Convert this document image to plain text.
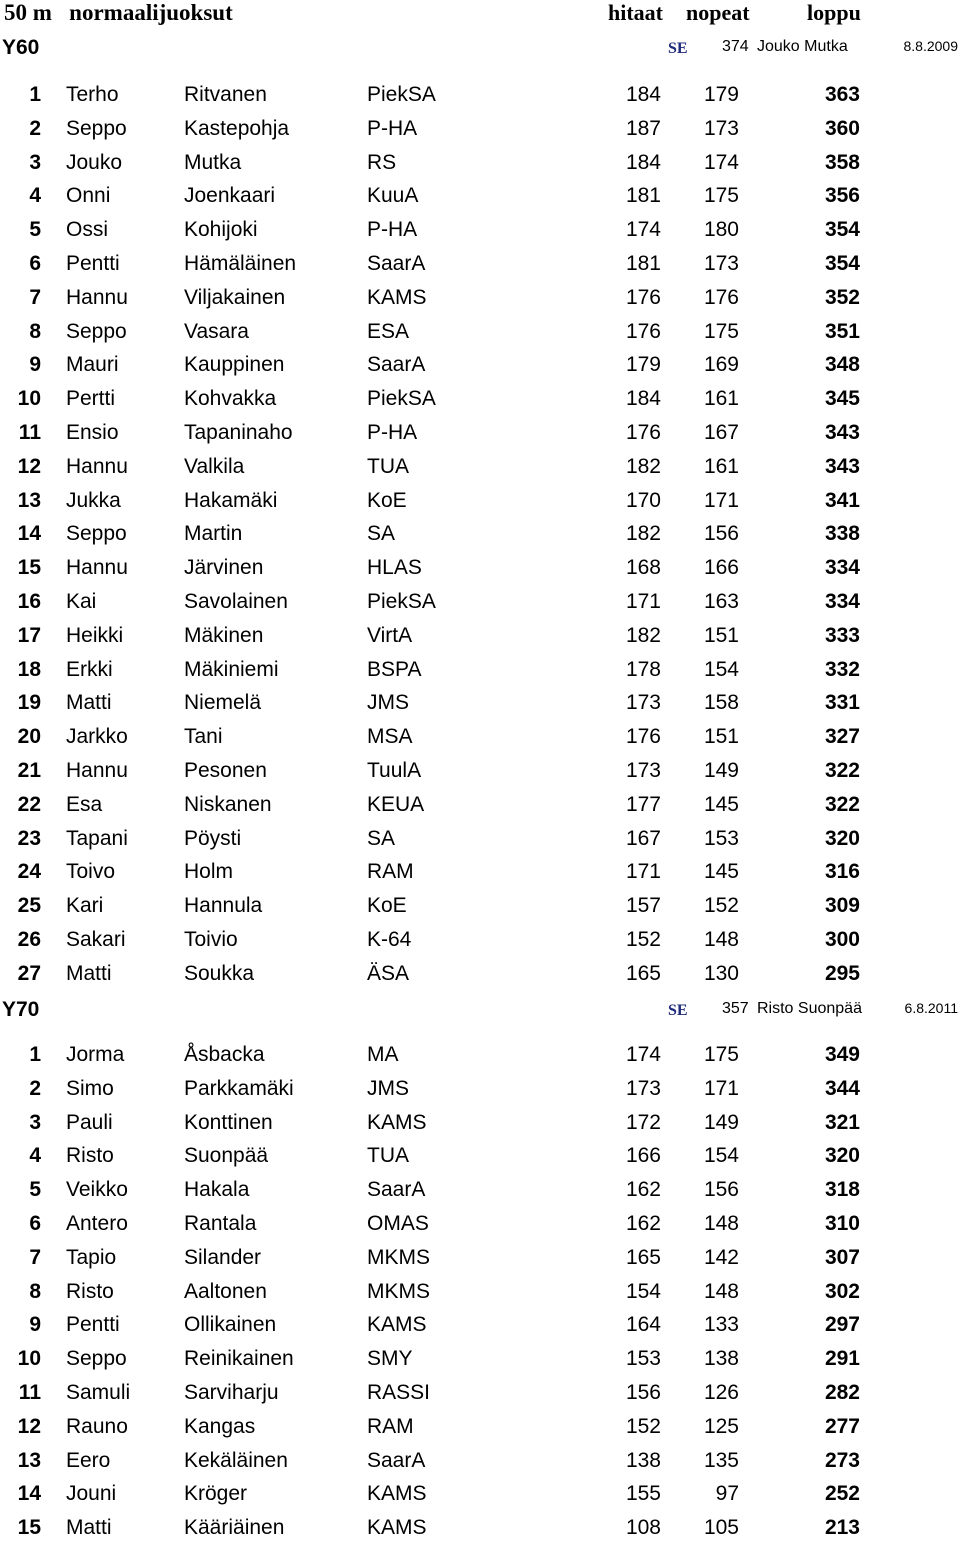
50 m   normaalijuoksut	hitaat nopeat	loppu
Y60	SE 374 Jouko Mutka	8.8.2009
1 Terho	Ritvanen	PiekSA	184 179	363
2 Seppo	Kastepohja	P-HA	187 173	360
3 Jouko	Mutka	RS	184 174	358
4 Onni	Joenkaari	KuuA	181 175	356
5 Ossi	Kohijoki	P-HA	174 180	354
6 Pentti	Hämäläinen	SaarA	181 173	354
7 Hannu	Viljakainen	KAMS	176 176	352
8 Seppo	Vasara	ESA	176 175	351
9 Mauri	Kauppinen	SaarA	179 169	348
10 Pertti	Kohvakka	PiekSA	184 161	345
11 Ensio	Tapaninaho	P-HA	176 167	343
12 Hannu	Valkila	TUA	182 161	343
13 Jukka	Hakamäki	KoE	170 171	341
14 Seppo	Martin	SA	182 156	338
15 Hannu	Järvinen	HLAS	168 166	334
16 Kai	Savolainen	PiekSA	171 163	334
17 Heikki	Mäkinen	VirtA	182 151	333
18 Erkki	Mäkiniemi	BSPA	178 154	332
19 Matti	Niemelä	JMS	173 158	331
20 Jarkko	Tani	MSA	176 151	327
21 Hannu	Pesonen	TuulA	173 149	322
22 Esa	Niskanen	KEUA	177 145	322
23 Tapani	Pöysti	SA	167 153	320
24 Toivo	Holm	RAM	171 145	316
25 Kari	Hannula	KoE	157 152	309
26 Sakari	Toivio	K-64	152 148	300
27 Matti	Soukka	ÄSA	165 130	295
Y70	SE 357 Risto Suonpää	6.8.2011
1 Jorma	Åsbacka	MA	174 175	349
2 Simo	Parkkamäki	JMS	173 171	344
3 Pauli	Konttinen	KAMS	172 149	321
4 Risto	Suonpää	TUA	166 154	320
5 Veikko	Hakala	SaarA	162 156	318
6 Antero	Rantala	OMAS	162 148	310
7 Tapio	Silander	MKMS	165 142	307
8 Risto	Aaltonen	MKMS	154 148	302
9 Pentti	Ollikainen	KAMS	164 133	297
10 Seppo	Reinikainen	SMY	153 138	291
11 Samuli	Sarviharju	RASSI	156 126	282
12 Rauno	Kangas	RAM	152 125	277
13 Eero	Kekäläinen	SaarA	138 135	273
14 Jouni	Kröger	KAMS	155	97	252
15 Matti	Kääriäinen	KAMS	108 105	213
